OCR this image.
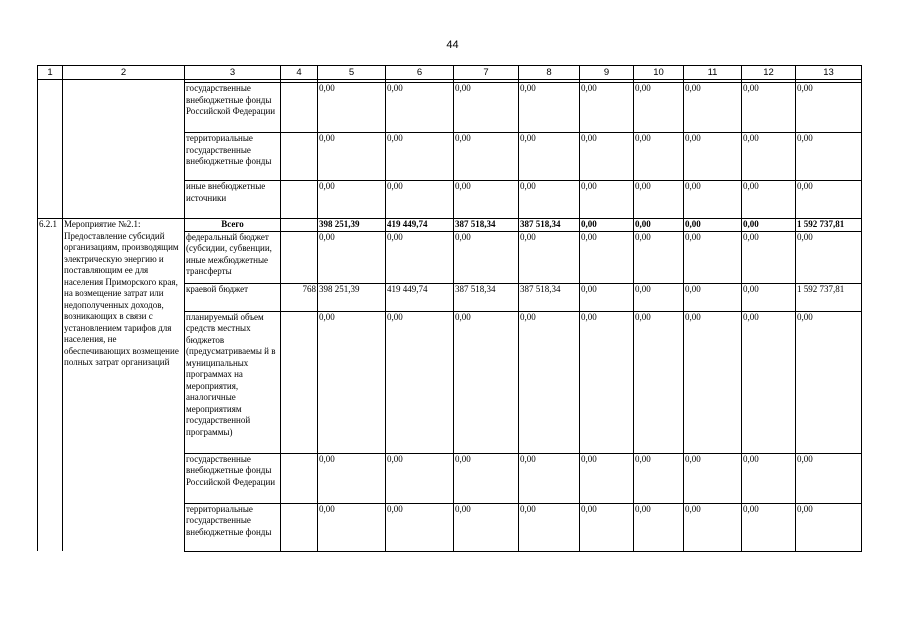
44
1	2	3	4	5	6	7	8	9	10	11	12	13

		государственные внебюджетные фонды Российской Федерации		0,00	0,00	0,00	0,00	0,00	0,00	0,00	0,00	0,00
		территориальные государственные внебюджетные фонды		0,00	0,00	0,00	0,00	0,00	0,00	0,00	0,00	0,00
		иные внебюджетные источники		0,00	0,00	0,00	0,00	0,00	0,00	0,00	0,00	0,00
6.2.1	Мероприятие №2.1: Предоставление субсидий организациям, производящим электрическую энергию и поставляющим ее для населения Приморского края, на возмещение затрат или недополученных доходов, возникающих в связи с установлением тарифов для населения, не обеспечивающих возмещение полных затрат организаций	Всего		398 251,39	419 449,74	387 518,34	387 518,34	0,00	0,00	0,00	0,00	1 592 737,81
		федеральный бюджет (субсидии, субвенции, иные межбюджетные трансферты		0,00	0,00	0,00	0,00	0,00	0,00	0,00	0,00	0,00
		краевой бюджет	768	398 251,39	419 449,74	387 518,34	387 518,34	0,00	0,00	0,00	0,00	1 592 737,81
		планируемый объем средств местных бюджетов (предусматриваемы й в муниципальных программах на мероприятия, аналогичные мероприятиям государственной программы)		0,00	0,00	0,00	0,00	0,00	0,00	0,00	0,00	0,00
		государственные внебюджетные фонды Российской Федерации		0,00	0,00	0,00	0,00	0,00	0,00	0,00	0,00	0,00
		территориальные государственные внебюджетные фонды		0,00	0,00	0,00	0,00	0,00	0,00	0,00	0,00	0,00
